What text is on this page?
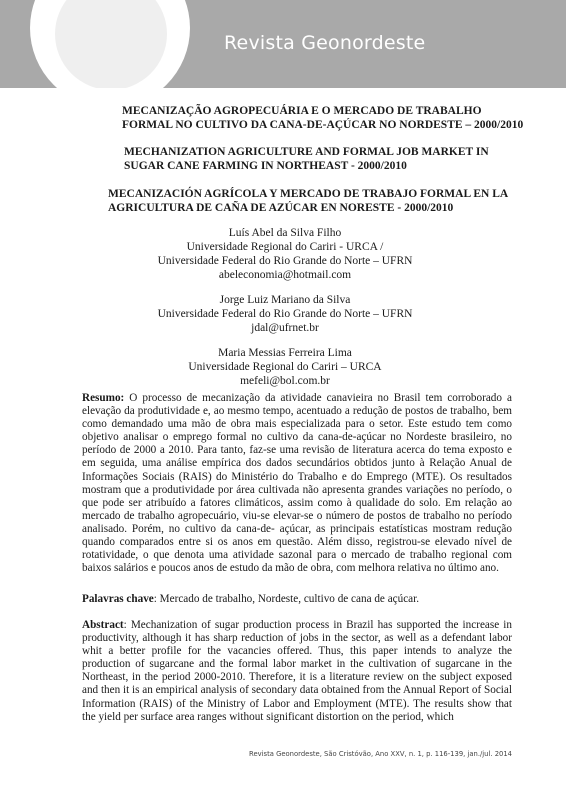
Revista Geonordeste

MECANIZAÇÃO AGROPECUÁRIA E O MERCADO DE TRABALHO
FORMAL NO CULTIVO DA CANA-DE-AÇÚCAR NO NORDESTE – 2000/2010

MECHANIZATION AGRICULTURE AND FORMAL JOB MARKET IN
SUGAR CANE FARMING IN NORTHEAST - 2000/2010

MECANIZACIÓN AGRÍCOLA Y MERCADO DE TRABAJO FORMAL EN LA
AGRICULTURA DE CAÑA DE AZÚCAR EN NORESTE - 2000/2010

Luís Abel da Silva Filho
Universidade Regional do Cariri - URCA /
Universidade Federal do Rio Grande do Norte – UFRN
abeleconomia@hotmail.com
Jorge Luiz Mariano da Silva
Universidade Federal do Rio Grande do Norte – UFRN
jdal@ufrnet.br
Maria Messias Ferreira Lima
Universidade Regional do Cariri – URCA
mefeli@bol.com.br

Resumo: O processo de mecanização da atividade canavieira no Brasil tem corroborado a elevação da produtividade e, ao mesmo tempo, acentuado a redução de postos de trabalho, bem como demandado uma mão de obra mais especializada para o setor. Este estudo tem como objetivo analisar o emprego formal no cultivo da cana-de-açúcar no Nordeste brasileiro, no período de 2000 a 2010. Para tanto, faz-se uma revisão de literatura acerca do tema exposto e em seguida, uma análise empírica dos dados secundários obtidos junto à Relação Anual de Informações Sociais (RAIS) do Ministério do Trabalho e do Emprego (MTE). Os resultados mostram que a produtividade por área cultivada não apresenta grandes variações no período, o que pode ser atribuído a fatores climáticos, assim como à qualidade do solo. Em relação ao mercado de trabalho agropecuário, viu-se elevar-se o número de postos de trabalho no período analisado. Porém, no cultivo da cana-de- açúcar, as principais estatísticas mostram redução quando comparados entre si os anos em questão. Além disso, registrou-se elevado nível de rotatividade, o que denota uma atividade sazonal para o mercado de trabalho regional com baixos salários e poucos anos de estudo da mão de obra, com melhora relativa no último ano.

Palavras chave: Mercado de trabalho, Nordeste, cultivo de cana de açúcar.

Abstract: Mechanization of sugar production process in Brazil has supported the increase in productivity, although it has sharp reduction of jobs in the sector, as well as a defendant labor whit a better profile for the vacancies offered. Thus, this paper intends to analyze the production of sugarcane and the formal labor market in the cultivation of sugarcane in the Northeast, in the period 2000-2010. Therefore, it is a literature review on the subject exposed and then it is an empirical analysis of secondary data obtained from the Annual Report of Social Information (RAIS) of the Ministry of Labor and Employment (MTE). The results show that the yield per surface area ranges without significant distortion on the period, which

Revista Geonordeste, São Cristóvão, Ano XXV, n. 1, p. 116-139, jan./jul. 2014
